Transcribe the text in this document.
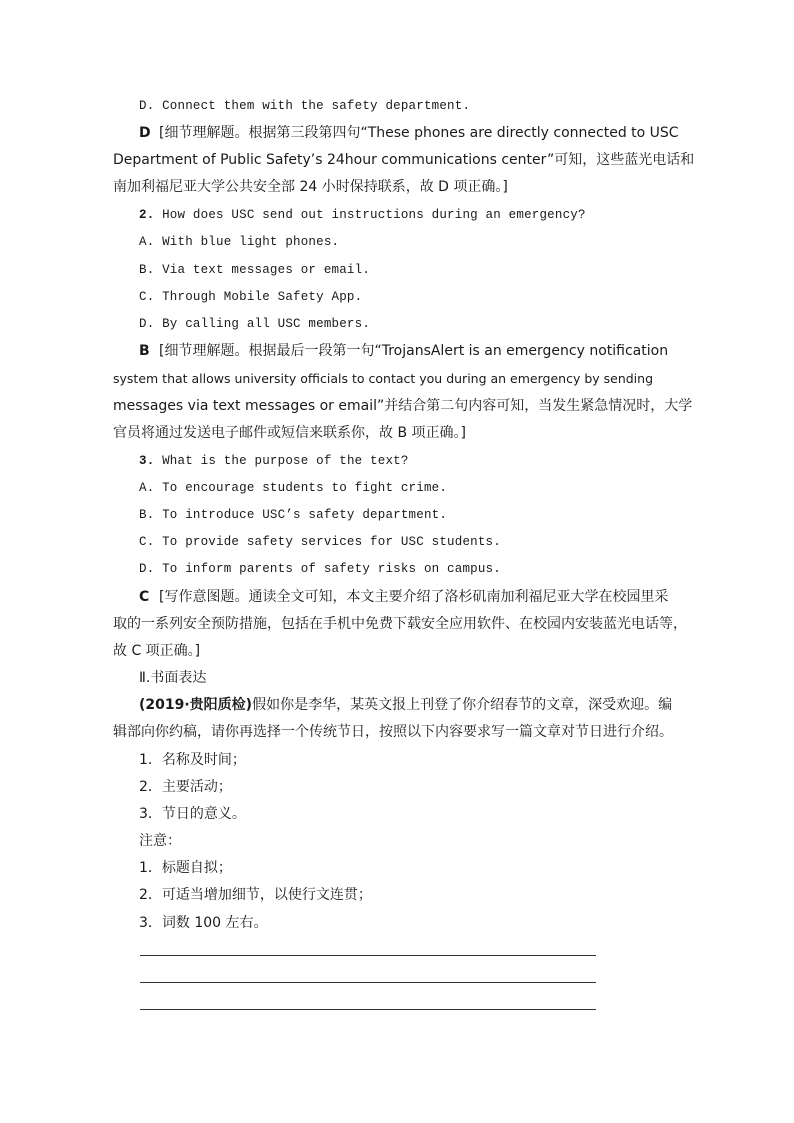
D. Connect them with the safety department.
D [细节理解题。根据第三段第四句“These phones are directly connected to USC
Department of Public Safety’s 24hour communications center”可知，这些蓝光电话和
南加利福尼亚大学公共安全部 24 小时保持联系，故 D 项正确。]
2. How does USC send out instructions during an emergency?
A. With blue light phones.
B. Via text messages or email.
C. Through Mobile Safety App.
D. By calling all USC members.
B [细节理解题。根据最后一段第一句“TrojansAlert is an emergency notification
system that allows university officials to contact you during an emergency by sending
messages via text messages or email”并结合第二句内容可知，当发生紧急情况时，大学
官员将通过发送电子邮件或短信来联系你，故 B 项正确。]
3. What is the purpose of the text?
A. To encourage students to fight crime.
B. To introduce USC’s safety department.
C. To provide safety services for USC students.
D. To inform parents of safety risks on campus.
C [写作意图题。通读全文可知，本文主要介绍了洛杉矶南加利福尼亚大学在校园里采
取的一系列安全预防措施，包括在手机中免费下载安全应用软件、在校园内安装蓝光电话等，
故 C 项正确。]
Ⅱ.书面表达
(2019·贵阳质检)假如你是李华，某英文报上刊登了你介绍春节的文章，深受欢迎。编
辑部向你约稿，请你再选择一个传统节日，按照以下内容要求写一篇文章对节日进行介绍。
1．名称及时间；
2．主要活动；
3．节日的意义。
注意：
1．标题自拟；
2．可适当增加细节，以使行文连贯；
3．词数 100 左右。
